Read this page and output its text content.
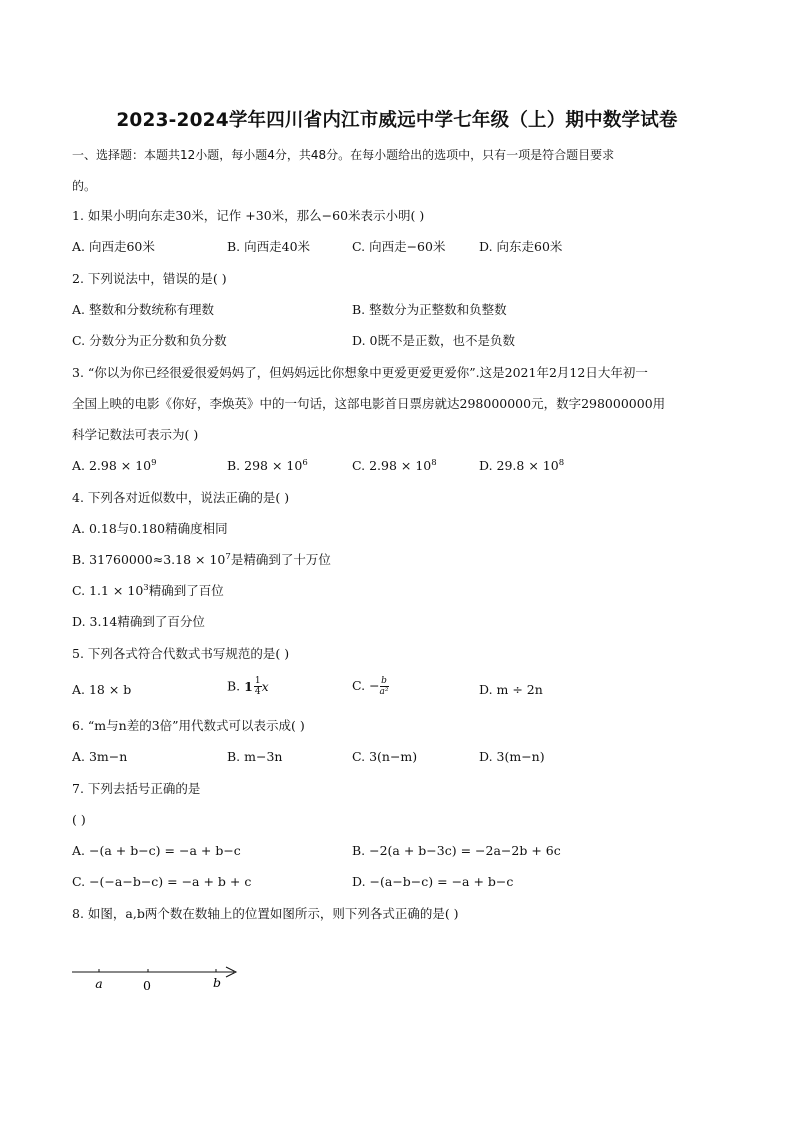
2023-2024学年四川省内江市威远中学七年级（上）期中数学试卷
一、选择题：本题共12小题，每小题4分，共48分。在每小题给出的选项中，只有一项是符合题目要求
的。
1. 如果小明向东走30米，记作 +30米，那么−60米表示小明( )
A. 向西走60米	B. 向西走40米	C. 向西走−60米	D. 向东走60米
2. 下列说法中，错误的是( )
A. 整数和分数统称有理数	B. 整数分为正整数和负整数
C. 分数分为正分数和负分数	D. 0既不是正数，也不是负数
3. “你以为你已经很爱很爱妈妈了，但妈妈远比你想象中更爱更爱更爱你”.这是2021年2月12日大年初一
全国上映的电影《你好，李焕英》中的一句话，这部电影首日票房就达298000000元，数字298000000用
科学记数法可表示为( )
A. $2.98 \times 10^9$	B. $298 \times 10^6$	C. $2.98 \times 10^8$	D. $29.8 \times 10^8$
4. 下列各对近似数中，说法正确的是( )
A. 0.18与0.180精确度相同
B. $31760000\approx 3.18 \times 10^7$是精确到了十万位
C. $1.1 \times 10^3$精确到了百位
D. 3.14精确到了百分位
5. 下列各式符合代数式书写规范的是( )
A. 18 × b	B. $1 \frac{1}{4}$ x	C. − $\frac{b}{\text{a²}}$	D. m ÷ 2n
6. “m与n差的3倍”用代数式可以表示成( )
A. 3m−n	B. m−3n	C. 3(n−m)	D. 3(m−n)
7. 下列去括号正确的是
( )
A. −(a + b−c) = −a + b−c	B. −2(a + b−3c) = −2a−2b + 6c
C. −(−a−b−c) = −a + b + c	D. −(a−b−c) = −a + b−c
8. 如图，a,b两个数在数轴上的位置如图所示，则下列各式正确的是( )
a	0	b
